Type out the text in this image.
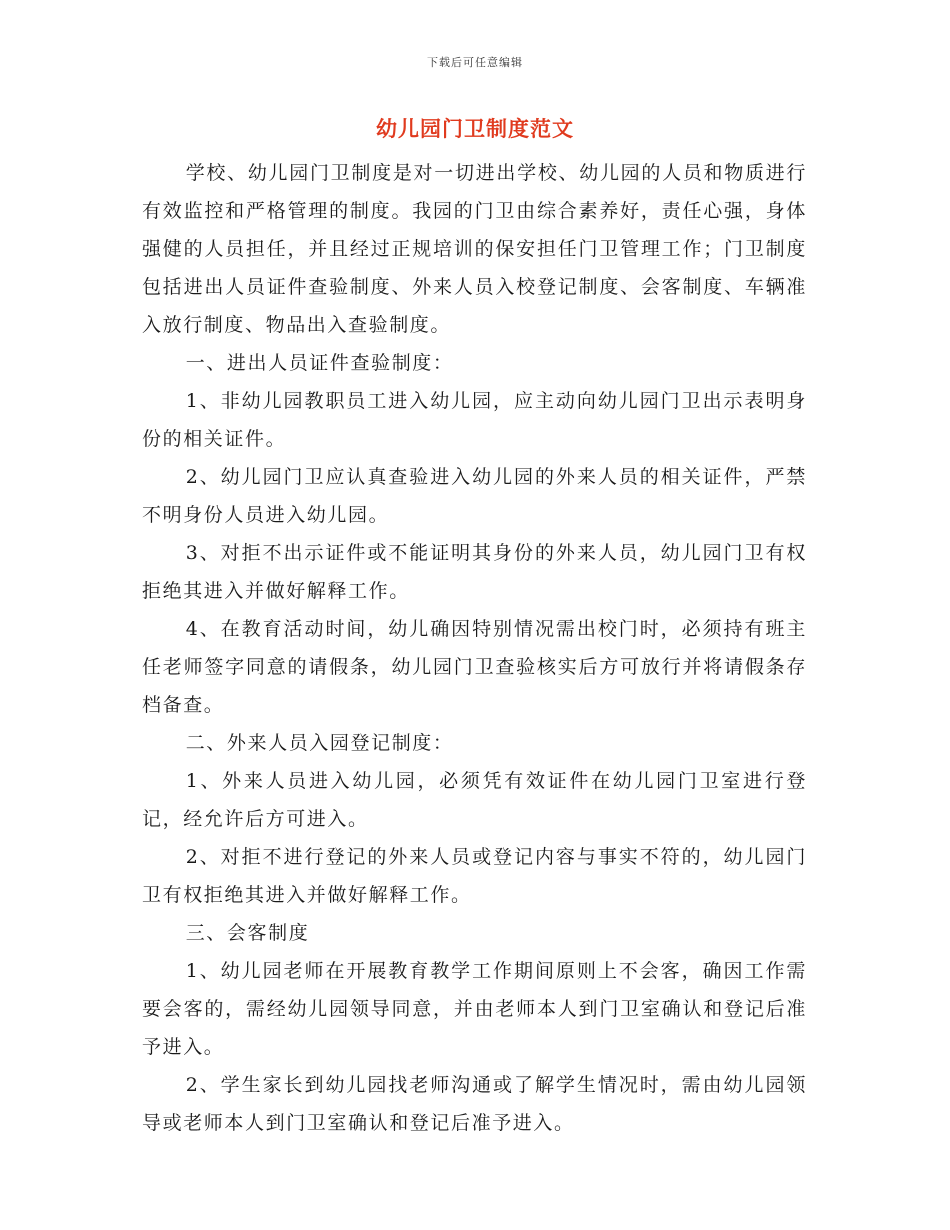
下载后可任意编辑
幼儿园门卫制度范文

学校、幼儿园门卫制度是对一切进出学校、幼儿园的人员和物质进行有效监控和严格管理的制度。我园的门卫由综合素养好，责任心强，身体强健的人员担任，并且经过正规培训的保安担任门卫管理工作；门卫制度包括进出人员证件查验制度、外来人员入校登记制度、会客制度、车辆准入放行制度、物品出入查验制度。

一、进出人员证件查验制度：

1、非幼儿园教职员工进入幼儿园，应主动向幼儿园门卫出示表明身份的相关证件。

2、幼儿园门卫应认真查验进入幼儿园的外来人员的相关证件，严禁不明身份人员进入幼儿园。

3、对拒不出示证件或不能证明其身份的外来人员，幼儿园门卫有权拒绝其进入并做好解释工作。

4、在教育活动时间，幼儿确因特别情况需出校门时，必须持有班主任老师签字同意的请假条，幼儿园门卫查验核实后方可放行并将请假条存档备查。

二、外来人员入园登记制度：

1、外来人员进入幼儿园，必须凭有效证件在幼儿园门卫室进行登记，经允许后方可进入。

2、对拒不进行登记的外来人员或登记内容与事实不符的，幼儿园门卫有权拒绝其进入并做好解释工作。

三、会客制度

1、幼儿园老师在开展教育教学工作期间原则上不会客，确因工作需要会客的，需经幼儿园领导同意，并由老师本人到门卫室确认和登记后准予进入。

2、学生家长到幼儿园找老师沟通或了解学生情况时，需由幼儿园领导或老师本人到门卫室确认和登记后准予进入。
